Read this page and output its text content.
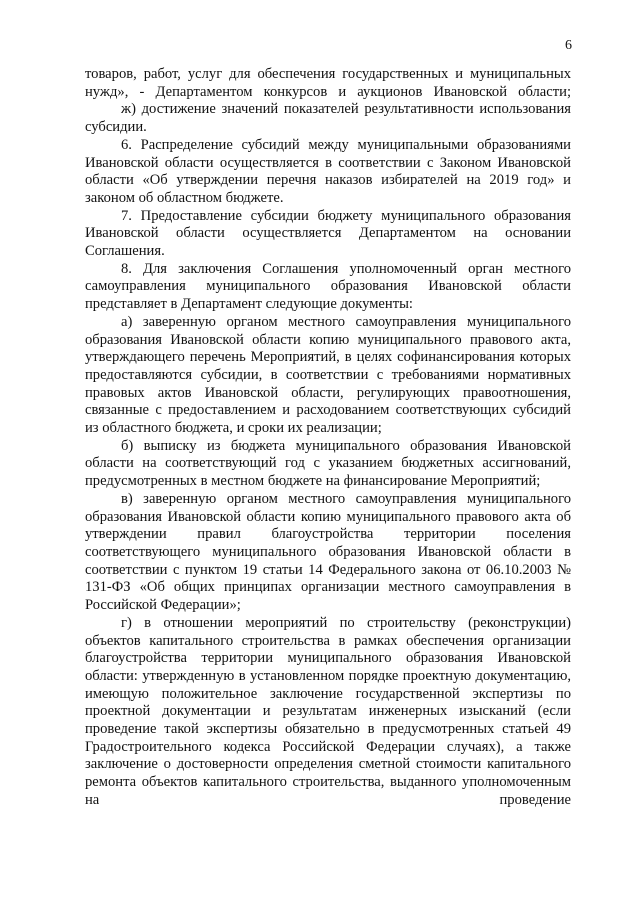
6

товаров, работ, услуг для обеспечения государственных и муниципальных нужд», - Департаментом конкурсов и аукционов Ивановской области;

ж) достижение значений показателей результативности использования субсидии.

6. Распределение субсидий между муниципальными образованиями Ивановской области осуществляется в соответствии с Законом Ивановской области «Об утверждении перечня наказов избирателей на 2019 год» и законом об областном бюджете.

7. Предоставление субсидии бюджету муниципального образования Ивановской области осуществляется Департаментом на основании Соглашения.

8. Для заключения Соглашения уполномоченный орган местного самоуправления муниципального образования Ивановской области представляет в Департамент следующие документы:

а) заверенную органом местного самоуправления муниципального образования Ивановской области копию муниципального правового акта, утверждающего перечень Мероприятий, в целях софинансирования которых предоставляются субсидии, в соответствии с требованиями нормативных правовых актов Ивановской области, регулирующих правоотношения, связанные с предоставлением и расходованием соответствующих субсидий из областного бюджета, и сроки их реализации;

б) выписку из бюджета муниципального образования Ивановской области на соответствующий год с указанием бюджетных ассигнований, предусмотренных в местном бюджете на финансирование Мероприятий;

в) заверенную органом местного самоуправления муниципального образования Ивановской области копию муниципального правового акта об утверждении правил благоустройства территории поселения соответствующего муниципального образования Ивановской области в соответствии с пунктом 19 статьи 14 Федерального закона от 06.10.2003 № 131-ФЗ «Об общих принципах организации местного самоуправления в Российской Федерации»;

г) в отношении мероприятий по строительству (реконструкции) объектов капитального строительства в рамках обеспечения организации благоустройства территории муниципального образования Ивановской области: утвержденную в установленном порядке проектную документацию, имеющую положительное заключение государственной экспертизы по проектной документации и результатам инженерных изысканий (если проведение такой экспертизы обязательно в предусмотренных статьей 49 Градостроительного кодекса Российской Федерации случаях), а также заключение о достоверности определения сметной стоимости капитального ремонта объектов капитального строительства, выданного уполномоченным на проведение
